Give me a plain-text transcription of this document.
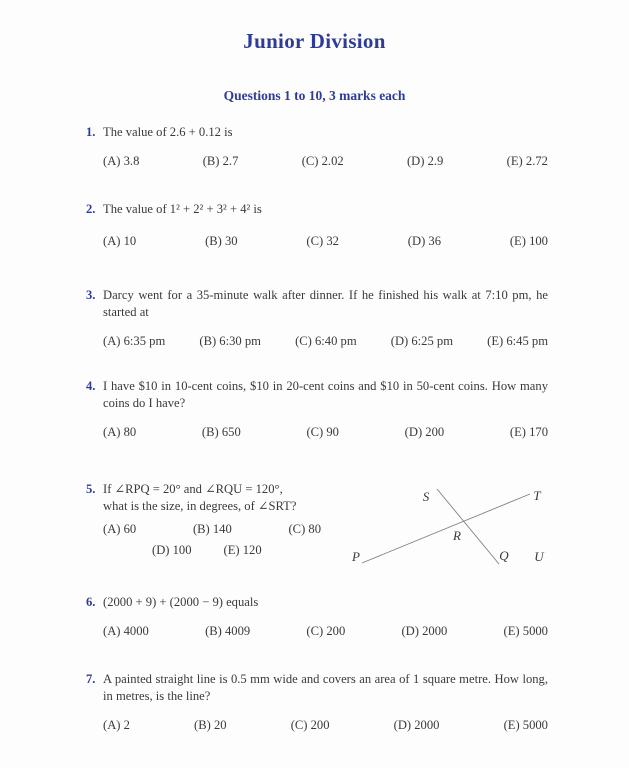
Junior Division
Questions 1 to 10, 3 marks each
1. The value of 2.6 + 0.12 is
(A) 3.8	(B) 2.7	(C) 2.02	(D) 2.9	(E) 2.72
2. The value of 1² + 2² + 3² + 4² is
(A) 10	(B) 30	(C) 32	(D) 36	(E) 100
3. Darcy went for a 35-minute walk after dinner. If he finished his walk at 7:10 pm, he started at
(A) 6:35 pm	(B) 6:30 pm	(C) 6:40 pm	(D) 6:25 pm	(E) 6:45 pm
4. I have $10 in 10-cent coins, $10 in 20-cent coins and $10 in 50-cent coins. How many coins do I have?
(A) 80	(B) 650	(C) 90	(D) 200	(E) 170
5. If ∠RPQ = 20° and ∠RQU = 120°,
what is the size, in degrees, of ∠SRT?
(A) 60	(B) 140	(C) 80
(D) 100	(E) 120
S	T
R
P	Q U
6. (2000 + 9) + (2000 − 9) equals
(A) 4000	(B) 4009	(C) 200	(D) 2000	(E) 5000
7. A painted straight line is 0.5 mm wide and covers an area of 1 square metre. How long, in metres, is the line?
(A) 2	(B) 20	(C) 200	(D) 2000	(E) 5000
